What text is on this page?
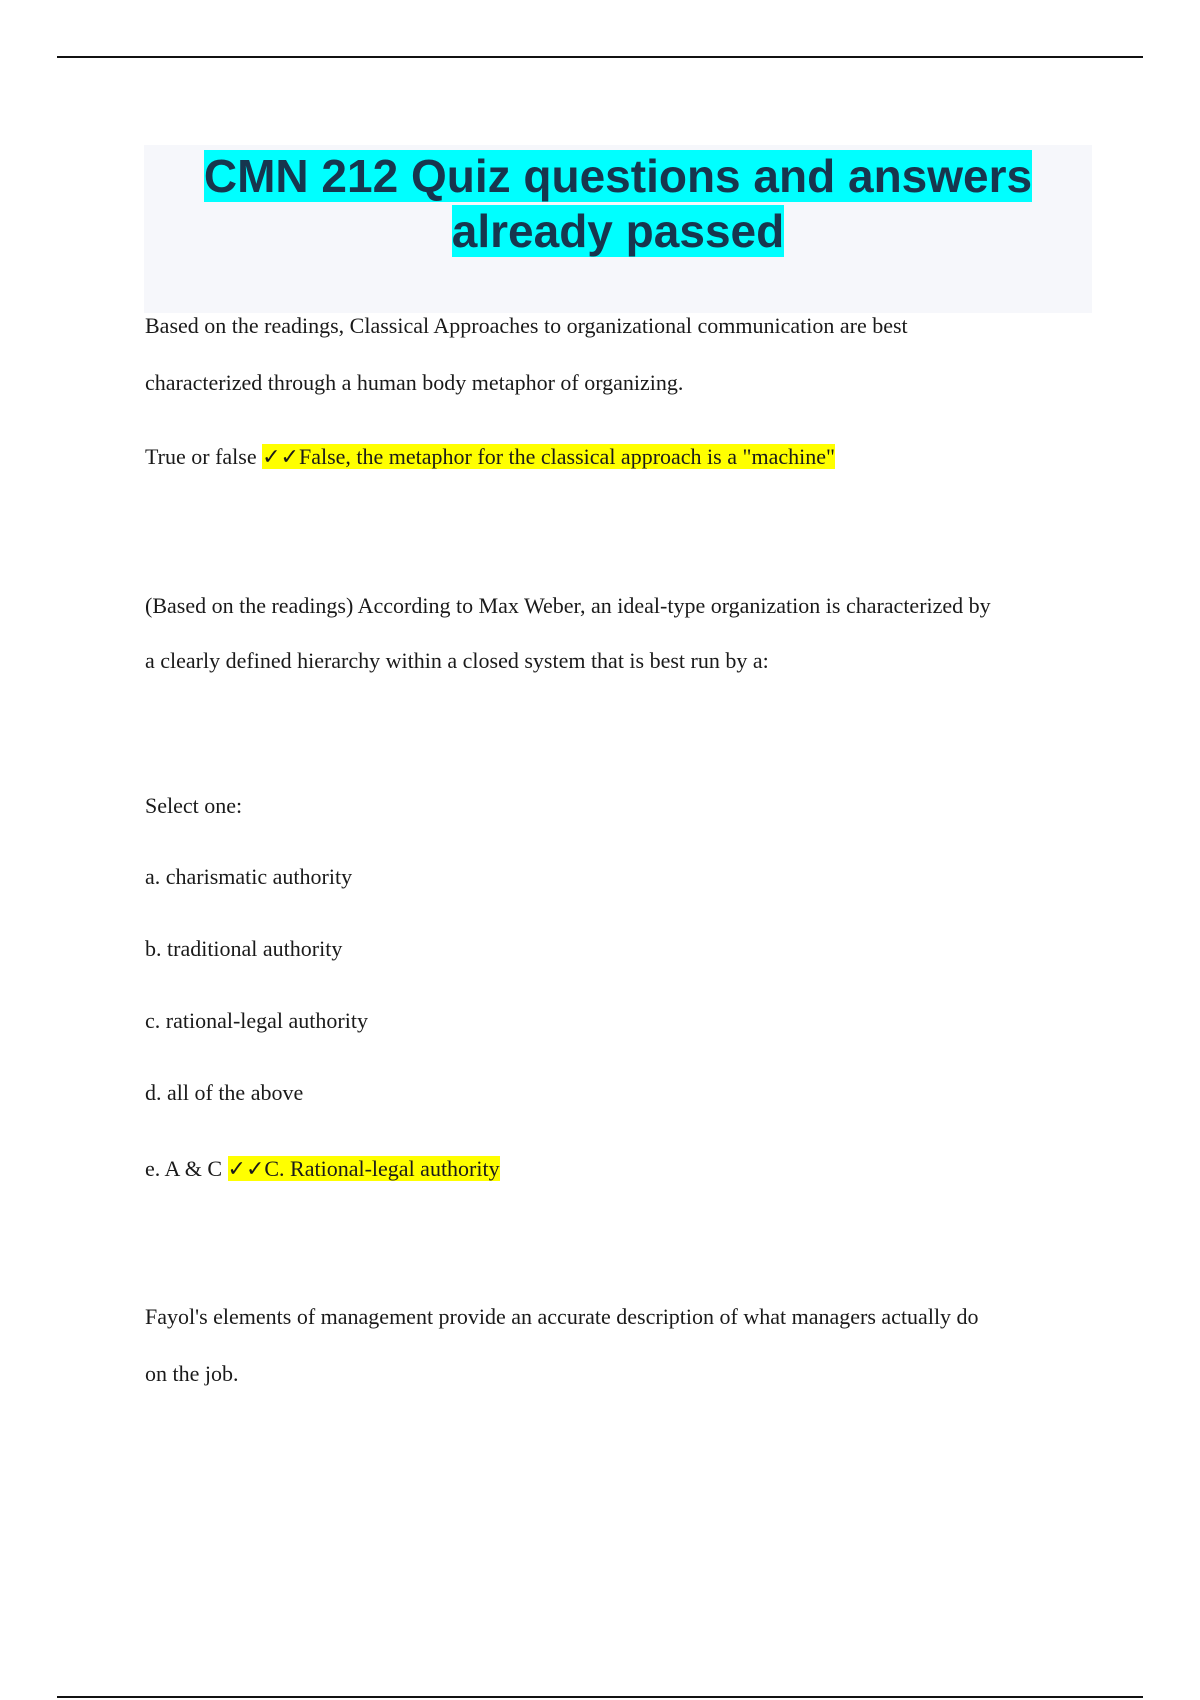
CMN 212 Quiz questions and answers
already passed

Based on the readings, Classical Approaches to organizational communication are best

characterized through a human body metaphor of organizing.

True or false ✓✓False, the metaphor for the classical approach is a "machine"

(Based on the readings) According to Max Weber, an ideal-type organization is characterized by

a clearly defined hierarchy within a closed system that is best run by a:

Select one:

a. charismatic authority

b. traditional authority

c. rational-legal authority

d. all of the above

e. A & C ✓✓C. Rational-legal authority

Fayol's elements of management provide an accurate description of what managers actually do

on the job.
